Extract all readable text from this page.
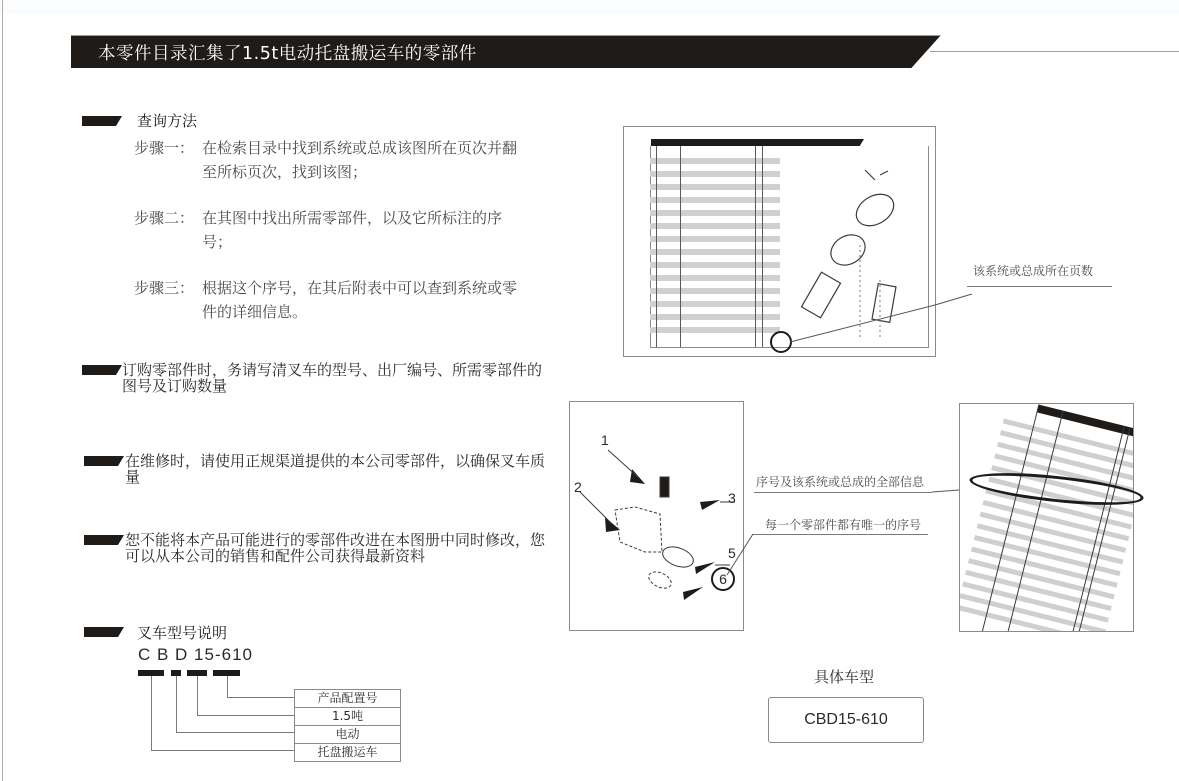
本零件目录汇集了1.5t电动托盘搬运车的零部件
查询方法
步骤一： 在检索目录中找到系统或总成该图所在页次并翻至所标页次，找到该图；
步骤二： 在其图中找出所需零部件，以及它所标注的序号；
步骤三： 根据这个序号，在其后附表中可以查到系统或零件的详细信息。
订购零部件时，务请写清叉车的型号、出厂编号、所需零部件的图号及订购数量
在维修时，请使用正规渠道提供的本公司零部件，以确保叉车质量
恕不能将本产品可能进行的零部件改进在本图册中同时修改，您可以从本公司的销售和配件公司获得最新资料
叉车型号说明
C B D 15-610
产品配置号
1.5吨
电动
托盘搬运车
该系统或总成所在页数
1
2
3
5
6
序号及该系统或总成的全部信息
每一个零部件都有唯一的序号
具体车型
CBD15-610
